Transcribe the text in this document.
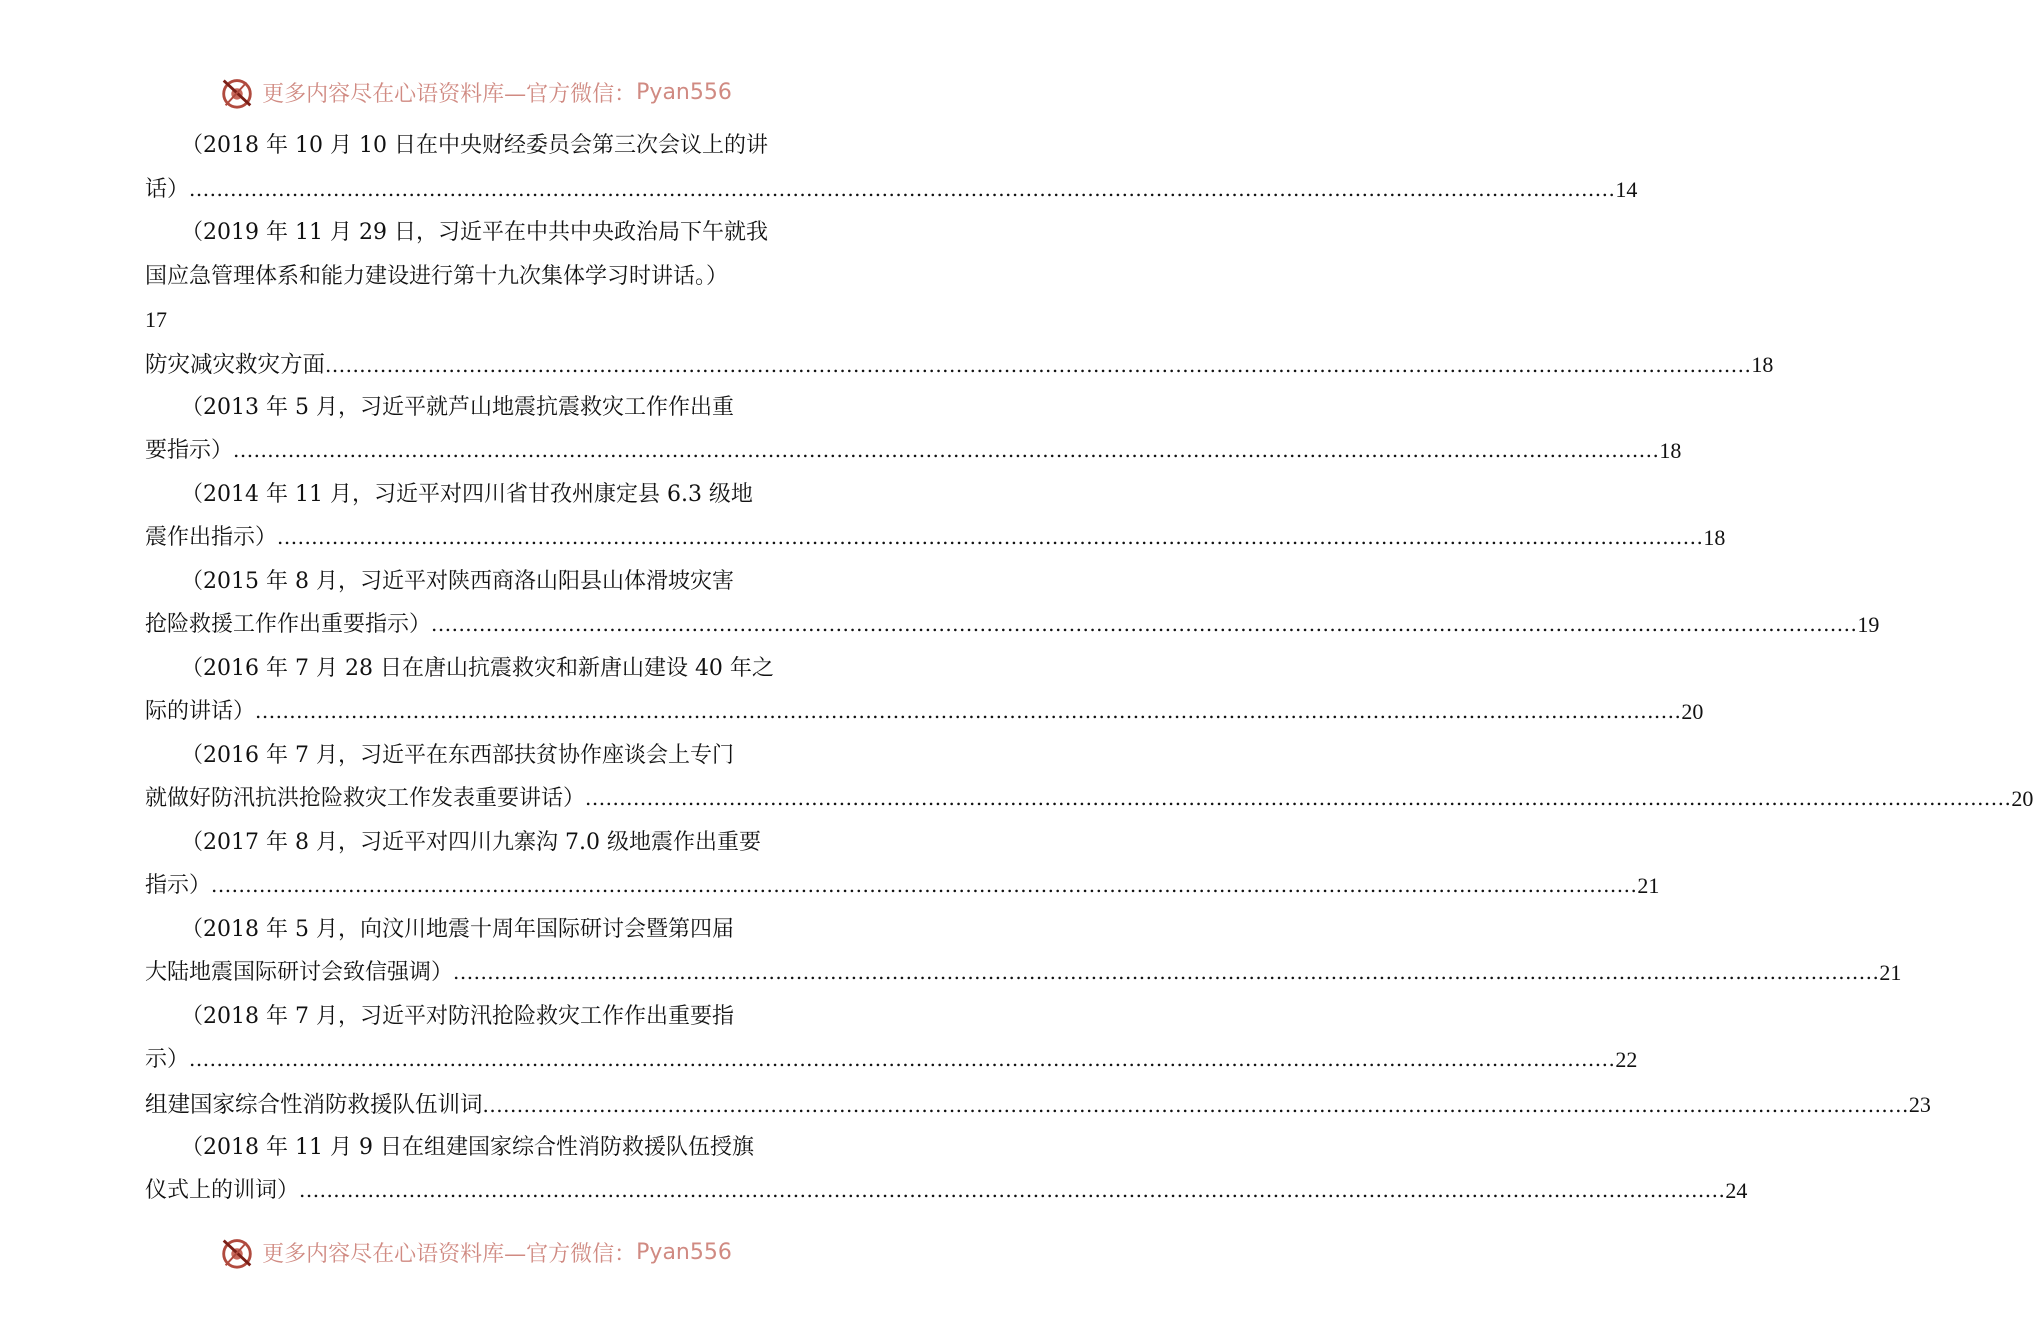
更多内容尽在心语资料库—官方微信： Pyan556
（2018 年 10 月 10 日在中央财经委员会第三次会议上的讲
话） ................................................................................................................................................................................................................ 14
（2019 年 11 月 29 日，习近平在中共中央政治局下午就我
国应急管理体系和能力建设进行第十九次集体学习时讲话。）
17
防灾减灾救灾方面 ................................................................................................................................................................................................................ 18
（2013 年 5 月，习近平就芦山地震抗震救灾工作作出重
要指示） ................................................................................................................................................................................................................ 18
（2014 年 11 月，习近平对四川省甘孜州康定县 6.3 级地
震作出指示） ................................................................................................................................................................................................................ 18
（2015 年 8 月，习近平对陕西商洛山阳县山体滑坡灾害
抢险救援工作作出重要指示） ................................................................................................................................................................................................................ 19
（2016 年 7 月 28 日在唐山抗震救灾和新唐山建设 40 年之
际的讲话） ................................................................................................................................................................................................................ 20
（2016 年 7 月，习近平在东西部扶贫协作座谈会上专门
就做好防汛抗洪抢险救灾工作发表重要讲话） ................................................................................................................................................................................................................ 20
（2017 年 8 月，习近平对四川九寨沟 7.0 级地震作出重要
指示） ................................................................................................................................................................................................................ 21
（2018 年 5 月，向汶川地震十周年国际研讨会暨第四届
大陆地震国际研讨会致信强调） ................................................................................................................................................................................................................ 21
（2018 年 7 月，习近平对防汛抢险救灾工作作出重要指
示） ................................................................................................................................................................................................................ 22
组建国家综合性消防救援队伍训词 ................................................................................................................................................................................................................ 23
（2018 年 11 月 9 日在组建国家综合性消防救援队伍授旗
仪式上的训词） ................................................................................................................................................................................................................ 24
更多内容尽在心语资料库—官方微信： Pyan556
